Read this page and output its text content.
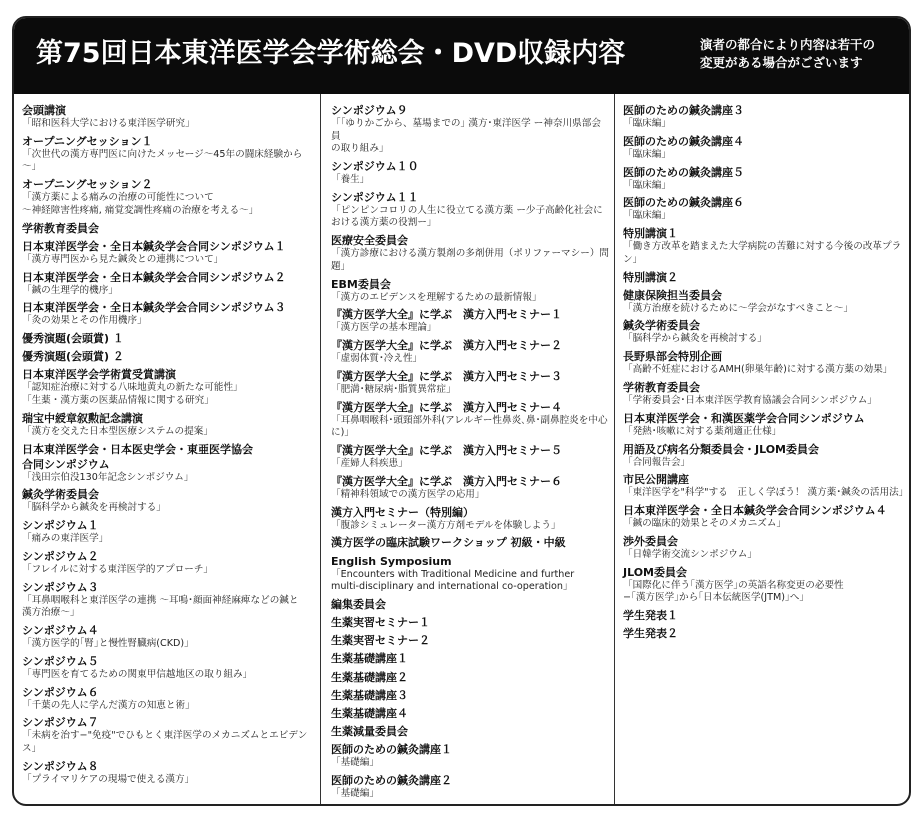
第75回日本東洋医学会学術総会・DVD収録内容	演者の都合により内容は若干の
変更がある場合がございます
会頭講演
「昭和医科大学における東洋医学研究」
オープニングセッション１
「次世代の漢方専門医に向けたメッセージ～45年の闘床経験から～」
オープニングセッション２
「漢方薬による痛みの治療の可能性について
～神経障害性疼痛, 痛覚変調性疼痛の治療を考える～」
学術教育委員会
日本東洋医学会・全日本鍼灸学会合同シンポジウム１
「漢方専門医から見た鍼灸との連携について」
日本東洋医学会・全日本鍼灸学会合同シンポジウム２
「鍼の生理学的機序」
日本東洋医学会・全日本鍼灸学会合同シンポジウム３
「灸の効果とその作用機序」
優秀演題(会頭賞) １
優秀演題(会頭賞) ２
日本東洋医学会学術賞受賞講演
「認知症治療に対する八味地黄丸の新たな可能性」
「生薬・漢方薬の医薬品情報に関する研究」
瑞宝中綬章叙勲記念講演
「漢方を交えた日本型医療システムの提案」
日本東洋医学会・日本医史学会・東亜医学協会
合同シンポジウム
「浅田宗伯没130年記念シンポジウム」
鍼灸学術委員会
「脳科学から鍼灸を再検討する」
シンポジウム１
「痛みの東洋医学」
シンポジウム２
「フレイルに対する東洋医学的アプローチ」
シンポジウム３
「耳鼻咽喉科と東洋医学の連携 ～耳鳴･顔面神経麻痺などの鍼と
漢方治療～」
シンポジウム４
「漢方医学的｢腎｣と慢性腎臓病(CKD)」
シンポジウム５
「専門医を育てるための関東甲信越地区の取り組み」
シンポジウム６
「千葉の先人に学んだ漢方の知恵と術」
シンポジウム７
「未病を治す−"免疫"でひもとく東洋医学のメカニズムとエビデンス」
シンポジウム８
「プライマリケアの現場で使える漢方」
シンポジウム９
「｢ゆりかごから、墓場までの｣ 漢方･東洋医学 ー神奈川県部会員
の取り組み」
シンポジウム１０
「養生」
シンポジウム１１
「ピンピンコロリの人生に役立てる漢方薬 ー少子高齢化社会に
おける漢方薬の役割ー」
医療安全委員会
「漢方診療における漢方製剤の多剤併用（ポリファーマシー）問題」
EBM委員会
「漢方のエビデンスを理解するための最新情報」
『漢方医学大全』に学ぶ　漢方入門セミナー１
「漢方医学の基本理論」
『漢方医学大全』に学ぶ　漢方入門セミナー２
「虚弱体質･冷え性」
『漢方医学大全』に学ぶ　漢方入門セミナー３
「肥満･糖尿病･脂質異常症」
『漢方医学大全』に学ぶ　漢方入門セミナー４
「耳鼻咽喉科･頭頸部外科(アレルギー性鼻炎､鼻･副鼻腔炎を中心に)」
『漢方医学大全』に学ぶ　漢方入門セミナー５
「産婦人科疾患」
『漢方医学大全』に学ぶ　漢方入門セミナー６
「精神科領域での漢方医学の応用」
漢方入門セミナー（特別編）
「腹診シミュレーター漢方方剤モデルを体験しよう」
漢方医学の臨床試験ワークショップ 初級・中級
English Symposium
「Encounters with Traditional Medicine and further
multi-disciplinary and international co-operation」
編集委員会
生薬実習セミナー１
生薬実習セミナー２
生薬基礎講座１
生薬基礎講座２
生薬基礎講座３
生薬基礎講座４
生薬減量委員会
医師のための鍼灸講座１
「基礎編」
医師のための鍼灸講座２
「基礎編」
医師のための鍼灸講座３
「臨床編」
医師のための鍼灸講座４
「臨床編」
医師のための鍼灸講座５
「臨床編」
医師のための鍼灸講座６
「臨床編」
特別講演１
「働き方改革を踏まえた大学病院の苦難に対する今後の改革プラン」
特別講演２
健康保険担当委員会
「漢方治療を続けるために～学会がなすべきこと～」
鍼灸学術委員会
「脳科学から鍼灸を再検討する」
長野県部会特別企画
「高齢不妊症におけるAMH(卵巣年齢)に対する漢方薬の効果」
学術教育委員会
「学術委員会･日本東洋医学教育協議会合同シンポジウム」
日本東洋医学会・和漢医薬学会合同シンポジウム
「発熱･咳嗽に対する薬剤適正仕様」
用語及び病名分類委員会・JLOM委員会
「合同報告会」
市民公開講座
「東洋医学を"科学"する　正しく学ぼう！ 漢方薬･鍼灸の活用法」
日本東洋医学会・全日本鍼灸学会合同シンポジウム４
「鍼の臨床的効果とそのメカニズム」
渉外委員会
「日韓学術交流シンポジウム」
JLOM委員会
「国際化に伴う｢漢方医学｣の英語名称変更の必要性
−｢漢方医学｣から｢日本伝統医学(JTM)｣へ」
学生発表１
学生発表２
